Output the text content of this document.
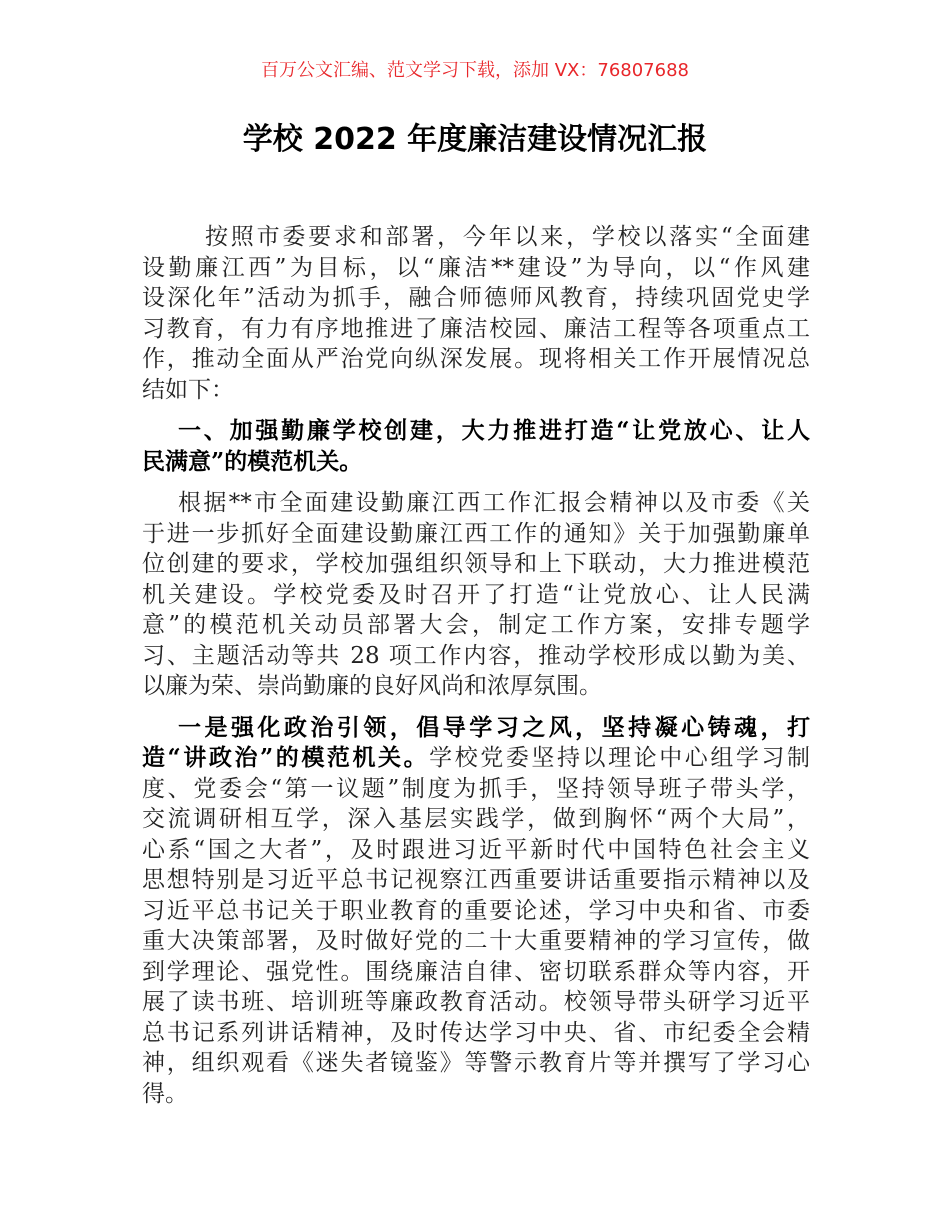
百万公文汇编、范文学习下载，添加 VX：76807688
学校 2022 年度廉洁建设情况汇报
按照市委要求和部署，今年以来，学校以落实“全面建
设勤廉江西”为目标，以“廉洁**建设”为导向，以“作风建
设深化年”活动为抓手，融合师德师风教育，持续巩固党史学
习教育，有力有序地推进了廉洁校园、廉洁工程等各项重点工
作，推动全面从严治党向纵深发展。现将相关工作开展情况总
结如下：
一、加强勤廉学校创建，大力推进打造“让党放心、让人
民满意”的模范机关。
根据**市全面建设勤廉江西工作汇报会精神以及市委《关
于进一步抓好全面建设勤廉江西工作的通知》关于加强勤廉单
位创建的要求，学校加强组织领导和上下联动，大力推进模范
机关建设。学校党委及时召开了打造“让党放心、让人民满
意”的模范机关动员部署大会，制定工作方案，安排专题学
习、主题活动等共 28 项工作内容，推动学校形成以勤为美、
以廉为荣、崇尚勤廉的良好风尚和浓厚氛围。
一是强化政治引领，倡导学习之风，坚持凝心铸魂，打
造“讲政治”的模范机关。学校党委坚持以理论中心组学习制
度、党委会“第一议题”制度为抓手，坚持领导班子带头学，
交流调研相互学，深入基层实践学，做到胸怀“两个大局”，
心系“国之大者”，及时跟进习近平新时代中国特色社会主义
思想特别是习近平总书记视察江西重要讲话重要指示精神以及
习近平总书记关于职业教育的重要论述，学习中央和省、市委
重大决策部署，及时做好党的二十大重要精神的学习宣传，做
到学理论、强党性。围绕廉洁自律、密切联系群众等内容，开
展了读书班、培训班等廉政教育活动。校领导带头研学习近平
总书记系列讲话精神，及时传达学习中央、省、市纪委全会精
神，组织观看《迷失者镜鉴》等警示教育片等并撰写了学习心
得。
